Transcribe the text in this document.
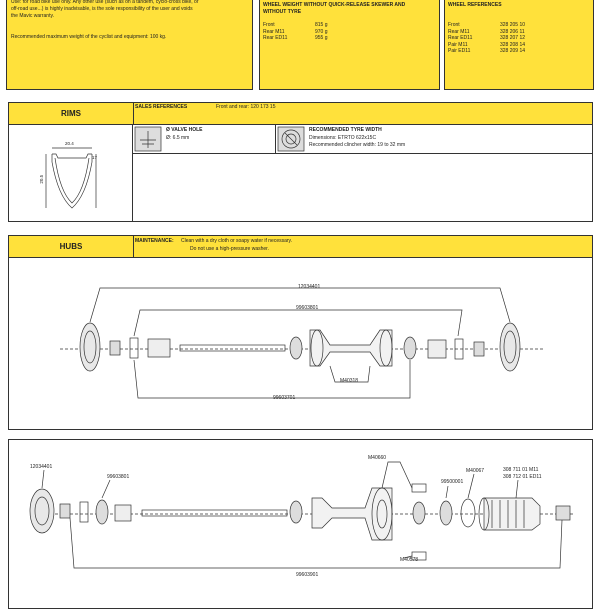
Use: for road bike use only. Any other use (such as on a tandem, cyclo-cross bike, or
off-road use...) is highly inadvisable, is the sole responsibility of the user and voids
the Mavic warranty.
Recommended maximum weight of the cyclist and equipment: 100 kg.
WHEEL WEIGHT WITHOUT QUICK-RELEASE SKEWER AND
WITHOUT TYRE
Front	815 g
Rear M11	970 g
Rear ED11	955 g
WHEEL REFERENCES
Front	328 205 10
Rear M11	328 206 11
Rear ED11	328 207 12
Pair M11	328 208 14
Pair ED11	328 209 14
RIMS
SALES REFERENCES	Front and rear: 120 173 15
Ø VALVE HOLE
Ø: 6.5 mm
RECOMMENDED TYRE WIDTH
Dimensions: ETRTO 622x15C
Recommended clincher width: 19 to 32 mm
20.4
17
20.5
HUBS
MAINTENANCE: Clean with a dry cloth or soapy water if necessary.
Do not use a high-pressure washer.
12034401
99603801
M40318
99603701
12034401
99603801
M40660
M40067
99500001
308 711 01 M11
308 712 01 ED11
M40578
99603901
